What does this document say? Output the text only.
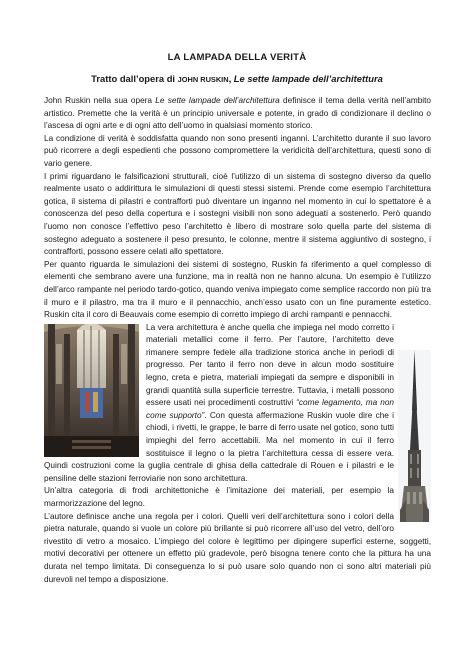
LA LAMPADA DELLA VERITÀ
Tratto dall’opera di JOHN RUSKIN, Le sette lampade dell’architettura

John Ruskin nella sua opera Le sette lampade dell’architettura definisce il tema della verità nell’ambito artistico. Premette che la verità è un principio universale e potente, in grado di condizionare il declino o l’ascesa di ogni arte e di ogni atto dell’uomo in qualsiasi momento storico.

La condizione di verità è soddisfatta quando non sono presenti inganni. L’architetto durante il suo lavoro può ricorrere a degli espedienti che possono compromettere la veridicità dell’architettura, questi sono di vario genere.

I primi riguardano le falsificazioni strutturali, cioè l’utilizzo di un sistema di sostegno diverso da quello realmente usato o addirittura le simulazioni di questi stessi sistemi. Prende come esempio l’architettura gotica, il sistema di pilastri e contrafforti può diventare un inganno nel momento in cui lo spettatore è a conoscenza del peso della copertura e i sostegni visibili non sono adeguati a sostenerlo. Però quando l’uomo non conosce l’effettivo peso l’architetto è libero di mostrare solo quella parte del sistema di sostegno adeguato a sostenere il peso presunto, le colonne, mentre il sistema aggiuntivo di sostegno, i contrafforti, possono essere celati allo spettatore.

Per quanto riguarda le simulazioni dei sistemi di sostegno, Ruskin fa riferimento a quel complesso di elementi che sembrano avere una funzione, ma in realtà non ne hanno alcuna. Un esempio è l’utilizzo dell’arco rampante nel periodo tardo-gotico, quando veniva impiegato come semplice raccordo non più tra il muro e il pilastro, ma tra il muro e il pennacchio, anch’esso usato con un fine puramente estetico. Ruskin cita il coro di Beauvais come esempio di corretto impiego di archi rampanti e pennacchi.

La vera architettura è anche quella che impiega nel modo corretto i materiali metallici come il ferro. Per l’autore, l’architetto deve rimanere sempre fedele alla tradizione storica anche in periodi di progresso. Per tanto il ferro non deve in alcun modo sostituire legno, creta e pietra, materiali impiegati da sempre e disponibili in grandi quantità sulla superficie terrestre. Tuttavia, i metalli possono essere usati nei procedimenti costruttivi “come legamento, ma non come supporto”. Con questa affermazione Ruskin vuole dire che i chiodi, i rivetti, le grappe, le barre di ferro usate nel gotico, sono tutti impieghi del ferro accettabili. Ma nel momento in cui il ferro sostituisce il legno o la pietra l’architettura cessa di essere vera. Quindi costruzioni come la guglia centrale di ghisa della cattedrale di Rouen e i pilastri e le pensiline delle stazioni ferroviarie non sono architettura.

Un’altra categoria di frodi architettoniche è l’imitazione dei materiali, per esempio la marmorizzazione del legno.

L’autore definisce anche una regola per i colori. Quelli veri dell’architettura sono i colori della pietra naturale, quando si vuole un colore più brillante si può ricorrere all’uso del vetro, dell’oro rivestito di vetro a mosaico. L’impiego del colore è legittimo per dipingere superfici esterne, soggetti, motivi decorativi per ottenere un effetto più gradevole, però bisogna tenere conto che la pittura ha una durata nel tempo limitata. Di conseguenza lo si può usare solo quando non ci sono altri materiali più durevoli nel tempo a disposizione.
